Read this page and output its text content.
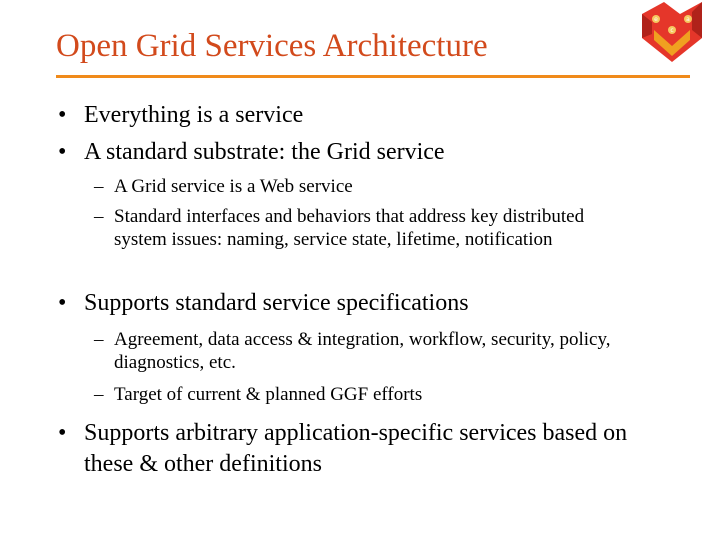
Open Grid Services Architecture
e	a
c
• Everything is a service
• A standard substrate: the Grid service
– A Grid service is a Web service
– Standard interfaces and behaviors that address key distributed system issues: naming, service state, lifetime, notification
• Supports standard service specifications
– Agreement, data access & integration, workflow, security, policy, diagnostics, etc.
– Target of current & planned GGF efforts
• Supports arbitrary application-specific services based on these & other definitions
